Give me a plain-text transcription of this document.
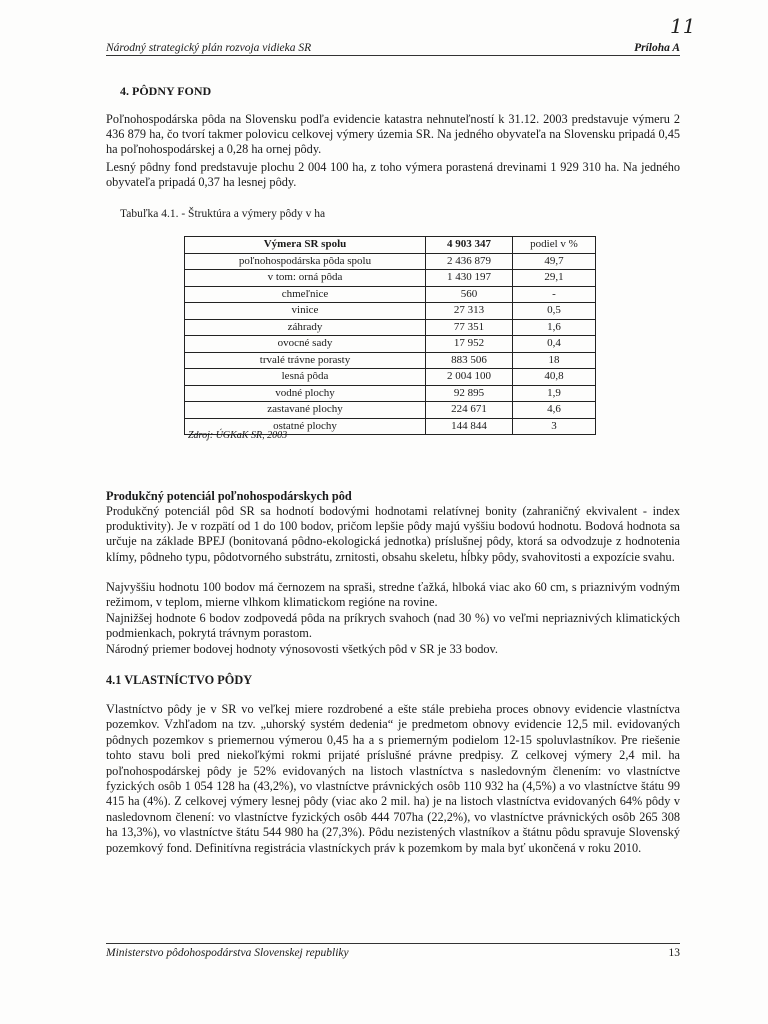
11
Národný strategický plán rozvoja vidieka SR	Príloha A
4. PÔDNY FOND
Poľnohospodárska pôda na Slovensku podľa evidencie katastra nehnuteľností k 31.12. 2003 predstavuje výmeru 2 436 879 ha, čo tvorí takmer polovicu celkovej výmery územia SR. Na jedného obyvateľa na Slovensku pripadá 0,45 ha poľnohospodárskej a 0,28 ha ornej pôdy.
Lesný pôdny fond predstavuje plochu 2 004 100 ha, z toho výmera porastená drevinami 1 929 310 ha. Na jedného obyvateľa pripadá 0,37 ha lesnej pôdy.
Tabuľka 4.1. - Štruktúra a výmery pôdy v ha
Výmera SR spolu	4 903 347	podiel v %
poľnohospodárska pôda spolu	2 436 879	49,7
v tom: orná pôda	1 430 197	29,1
chmeľnice	560	-
vinice	27 313	0,5
záhrady	77 351	1,6
ovocné sady	17 952	0,4
trvalé trávne porasty	883 506	18
lesná pôda	2 004 100	40,8
vodné plochy	92 895	1,9
zastavané plochy	224 671	4,6
ostatné plochy	144 844	3
Zdroj: ÚGKaK SR, 2003
Produkčný potenciál poľnohospodárskych pôd
Produkčný potenciál pôd SR sa hodnotí bodovými hodnotami relatívnej bonity (zahraničný ekvivalent - index produktivity). Je v rozpätí od 1 do 100 bodov, pričom lepšie pôdy majú vyššiu bodovú hodnotu. Bodová hodnota sa určuje na základe BPEJ (bonitovaná pôdno-ekologická jednotka) príslušnej pôdy, ktorá sa odvodzuje z hodnotenia klímy, pôdneho typu, pôdotvorného substrátu, zrnitosti, obsahu skeletu, hĺbky pôdy, svahovitosti a expozície svahu.
Najvyššiu hodnotu 100 bodov má černozem na spraši, stredne ťažká, hlboká viac ako 60 cm, s priaznivým vodným režimom, v teplom, mierne vlhkom klimatickom regióne na rovine.
Najnižšej hodnote 6 bodov zodpovedá pôda na príkrych svahoch (nad 30 %) vo veľmi nepriaznivých klimatických podmienkach, pokrytá trávnym porastom.
Národný priemer bodovej hodnoty výnosovosti všetkých pôd v SR je 33 bodov.
4.1 VLASTNÍCTVO PÔDY
Vlastníctvo pôdy je v SR vo veľkej miere rozdrobené a ešte stále prebieha proces obnovy evidencie vlastníctva pozemkov. Vzhľadom na tzv. „uhorský systém dedenia“ je predmetom obnovy evidencie 12,5 mil. evidovaných pôdnych pozemkov s priemernou výmerou 0,45 ha a s priemerným podielom 12-15 spoluvlastníkov. Pre riešenie tohto stavu boli pred niekoľkými rokmi prijaté príslušné právne predpisy. Z celkovej výmery 2,4 mil. ha poľnohospodárskej pôdy je 52% evidovaných na listoch vlastníctva s nasledovným členením: vo vlastníctve fyzických osôb 1 054 128 ha (43,2%), vo vlastníctve právnických osôb 110 932 ha (4,5%) a vo vlastníctve štátu 99 415 ha (4%). Z celkovej výmery lesnej pôdy (viac ako 2 mil. ha) je na listoch vlastníctva evidovaných 64% pôdy v nasledovnom členení: vo vlastníctve fyzických osôb 444 707ha (22,2%), vo vlastníctve právnických osôb 265 308 ha 13,3%), vo vlastníctve štátu 544 980 ha (27,3%). Pôdu nezistených vlastníkov a štátnu pôdu spravuje Slovenský pozemkový fond. Definitívna registrácia vlastníckych práv k pozemkom by mala byť ukončená v roku 2010.
Ministerstvo pôdohospodárstva Slovenskej republiky	13
